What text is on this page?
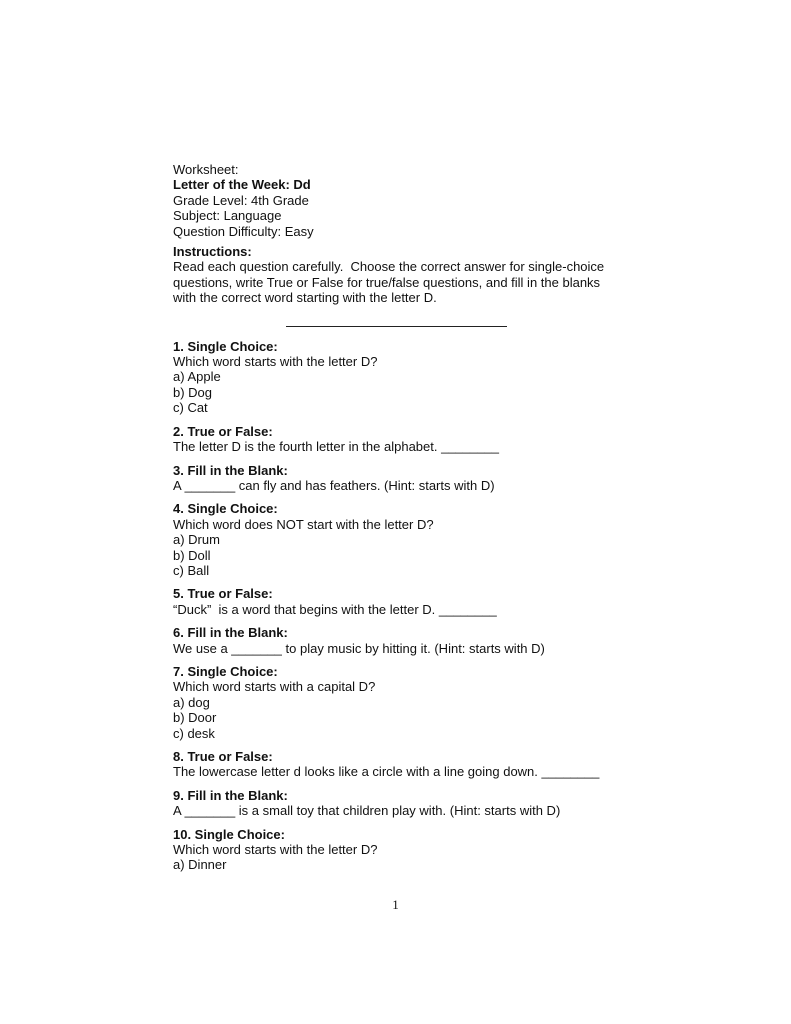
Worksheet:
Letter of the Week: Dd
Grade Level: 4th Grade
Subject: Language
Question Difficulty: Easy
Instructions:
Read each question carefully.  Choose the correct answer for single-choice
questions, write True or False for true/false questions, and fill in the blanks
with the correct word starting with the letter D.
1. Single Choice:
Which word starts with the letter D?
a) Apple
b) Dog
c) Cat
2. True or False:
The letter D is the fourth letter in the alphabet. ________
3. Fill in the Blank:
A _______ can fly and has feathers. (Hint: starts with D)
4. Single Choice:
Which word does NOT start with the letter D?
a) Drum
b) Doll
c) Ball
5. True or False:
“Duck”  is a word that begins with the letter D. ________
6. Fill in the Blank:
We use a _______ to play music by hitting it. (Hint: starts with D)
7. Single Choice:
Which word starts with a capital D?
a) dog
b) Door
c) desk
8. True or False:
The lowercase letter d looks like a circle with a line going down. ________
9. Fill in the Blank:
A _______ is a small toy that children play with. (Hint: starts with D)
10. Single Choice:
Which word starts with the letter D?
a) Dinner
1
